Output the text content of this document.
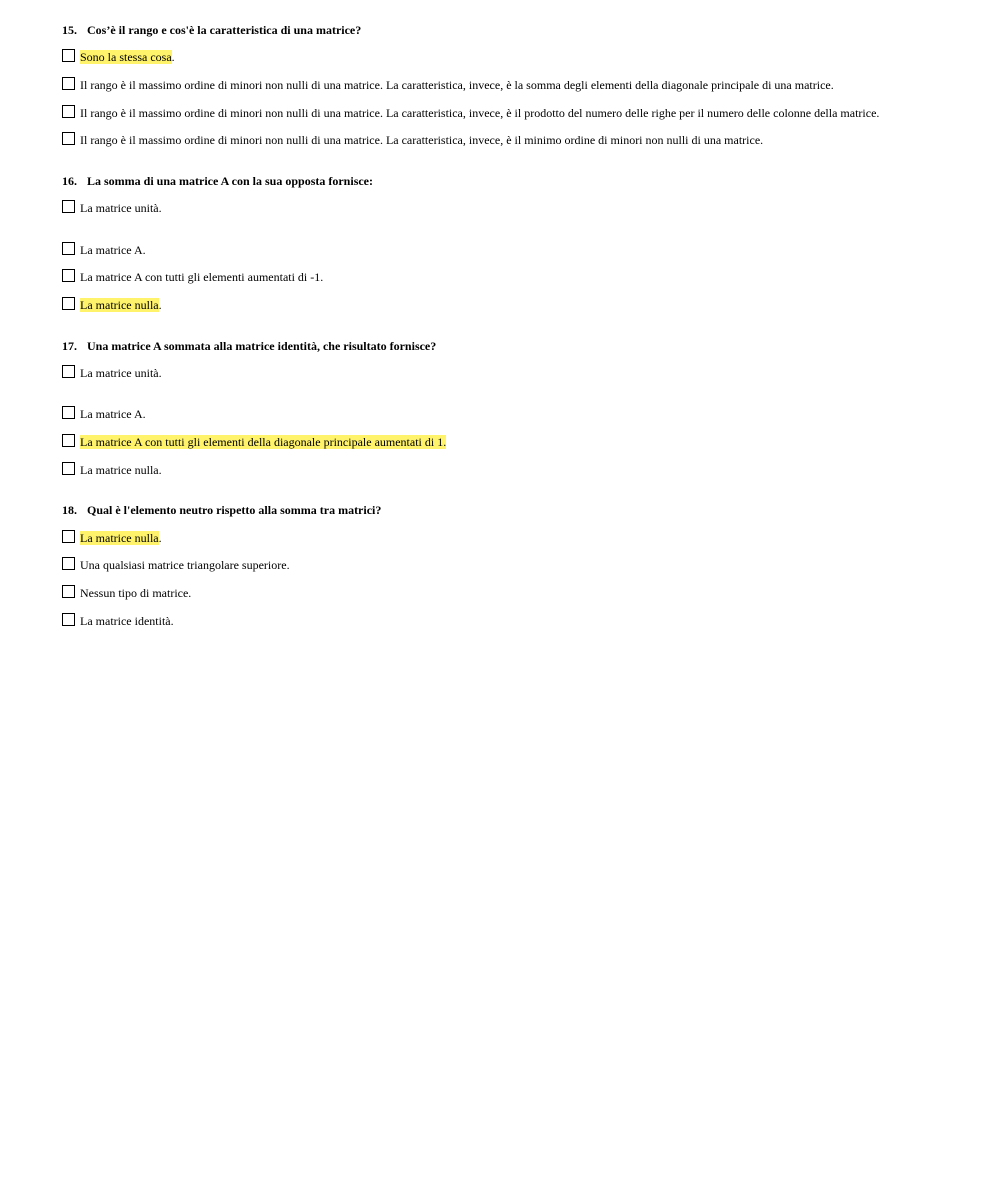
15. Cos’è il rango e cos'è la caratteristica di una matrice?
Sono la stessa cosa.
Il rango è il massimo ordine di minori non nulli di una matrice. La caratteristica, invece, è la somma degli elementi della diagonale principale di una matrice.
Il rango è il massimo ordine di minori non nulli di una matrice. La caratteristica, invece, è il prodotto del numero delle righe per il numero delle colonne della matrice.
Il rango è il massimo ordine di minori non nulli di una matrice. La caratteristica, invece, è il minimo ordine di minori non nulli di una matrice.
16. La somma di una matrice A con la sua opposta fornisce:
La matrice unità.
La matrice A.
La matrice A con tutti gli elementi aumentati di -1.
La matrice nulla.
17. Una matrice A sommata alla matrice identità, che risultato fornisce?
La matrice unità.
La matrice A.
La matrice A con tutti gli elementi della diagonale principale aumentati di 1.
La matrice nulla.
18. Qual è l'elemento neutro rispetto alla somma tra matrici?
La matrice nulla.
Una qualsiasi matrice triangolare superiore.
Nessun tipo di matrice.
La matrice identità.
